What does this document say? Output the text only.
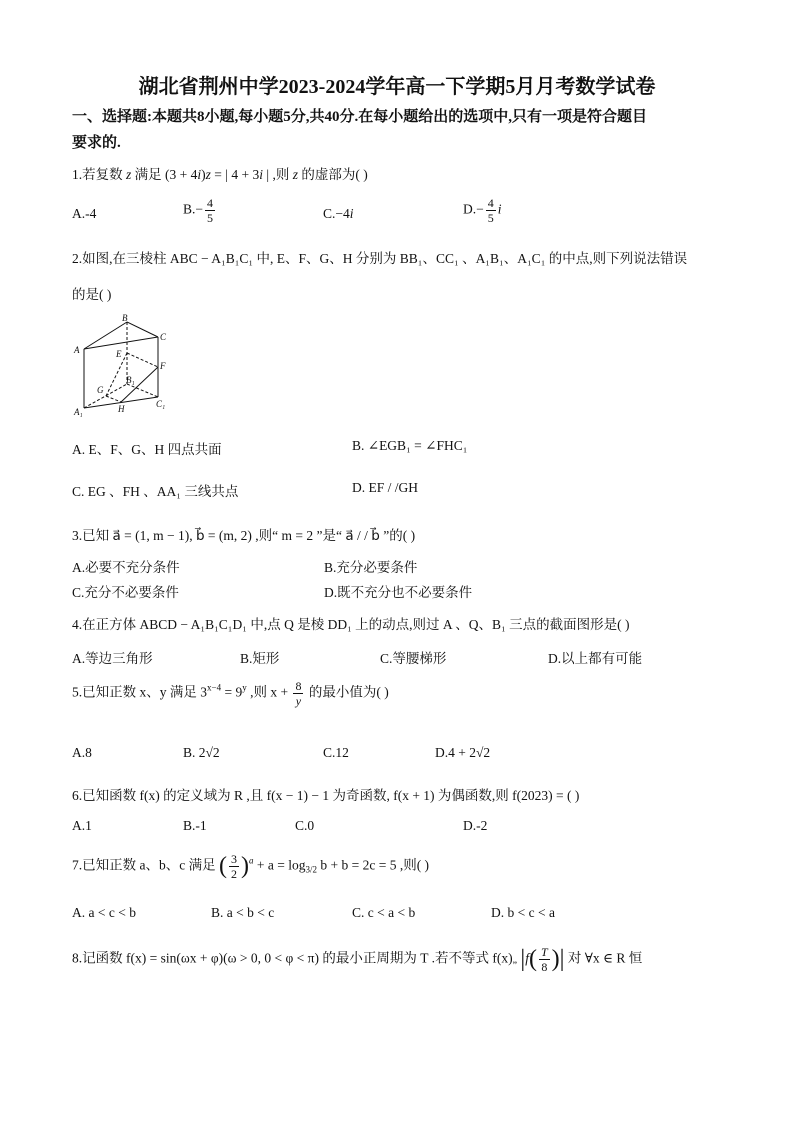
湖北省荆州中学2023-2024学年高一下学期5月月考数学试卷
一、选择题:本题共8小题,每小题5分,共40分.在每小题给出的选项中,只有一项是符合题目
要求的.
1.若复数 z 满足 (3 + 4i)z = | 4 + 3i | ,则 z 的虚部为( )
A.-4	$B.- \frac{4}{5}$	C.−4i	$D.- \frac{4}{5}$ i
2.如图,在三棱柱 ABC − A₁B₁C₁ 中, E、F、G、H 分别为 BB₁、CC₁ 、A₁B₁、A₁C₁ 的中点,则下列说法错误
的是( )
A
B
C
E
F
G
B₁
A₁	H	C₁
A. E、F、G、H 四点共面	B. ∠EGB₁ = ∠FHC₁
C. EG 、FH 、AA₁ 三线共点	D. EF / /GH
3.已知 a⃗ = (1, m − 1), b⃗ = (m, 2) ,则“ m = 2 ”是“ a⃗ / / b⃗ ”的( )
A.必要不充分条件	B.充分必要条件
C.充分不必要条件	D.既不充分也不必要条件
4.在正方体 ABCD − A₁B₁C₁D₁ 中,点 Q 是棱 DD₁ 上的动点,则过 A 、Q、B₁ 三点的截面图形是( )
A.等边三角形	B.矩形	C.等腰梯形	D.以上都有可能
5.已知正数 x、y 满足 $3^{x-4} = 9^y$ ,则 $x + \frac{8}{y}$ 的最小值为( )
A.8	B. 2√2	C.12	D.4 + 2√2
6.已知函数 f(x) 的定义域为 R ,且 f(x − 1) − 1 为奇函数, f(x + 1) 为偶函数,则 f(2023) = ( )
A.1	B.-1	C.0	D.-2
7.已知正数 a、b、c 满足 ( $\frac{3}{2} )^a + a = \log_{3/2} b + b = 2c = 5$ ,则( )
A. a < c < b	B. a < b < c	C. c < a < b	D. b < c < a
8.记函数 f(x) = sin(ωx + φ)(ω > 0, 0 < φ < π) 的最小正周期为 T .若不等式 f(x)„ $|f( \frac{T}{8}$ )| 对 ∀x ∈ R 恒
